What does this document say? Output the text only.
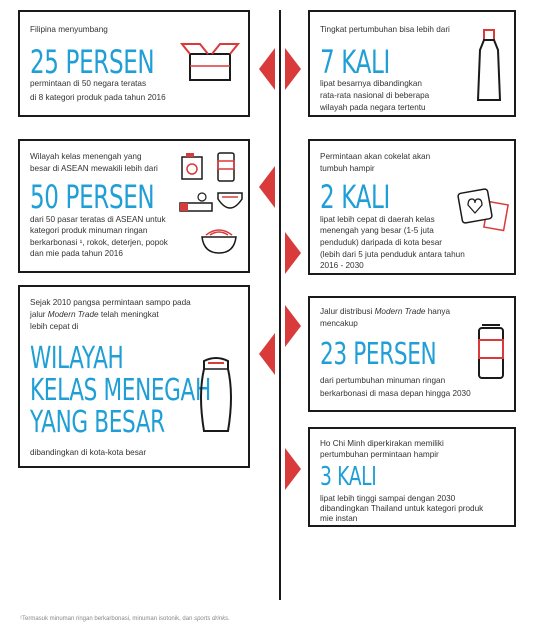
Filipina menyumbang
25 PERSEN
permintaan di 50 negara teratas
di 8 kategori produk pada tahun 2016
Tingkat pertumbuhan bisa lebih dari
7 KALI
lipat besarnya dibandingkan
rata-rata nasional di beberapa
wilayah pada negara tertentu
Wilayah kelas menengah yang
besar di ASEAN mewakili lebih dari
50 PERSEN
dari 50 pasar teratas di ASEAN untuk
kategori produk minuman ringan
berkarbonasi ¹, rokok, deterjen, popok
dan mie pada tahun 2016
Permintaan akan cokelat akan
tumbuh hampir
2 KALI
lipat lebih cepat di daerah kelas
menengah yang besar (1-5 juta
penduduk) daripada di kota besar
(lebih dari 5 juta penduduk antara tahun
2016 - 2030
Sejak 2010 pangsa permintaan sampo pada
jalur Modern Trade telah meningkat
lebih cepat di
WILAYAH
KELAS MENEGAH
YANG BESAR
dibandingkan di kota-kota besar
Jalur distribusi Modern Trade hanya
mencakup
23 PERSEN
dari pertumbuhan minuman ringan
berkarbonasi di masa depan hingga 2030
Ho Chi Minh diperkirakan memiliki
pertumbuhan permintaan hampir
3 KALI
lipat lebih tinggi sampai dengan 2030
dibandingkan Thailand untuk kategori produk
mie instan
¹Termasuk minuman ringan berkarbonasi, minuman isotonik, dan sports drinks.
